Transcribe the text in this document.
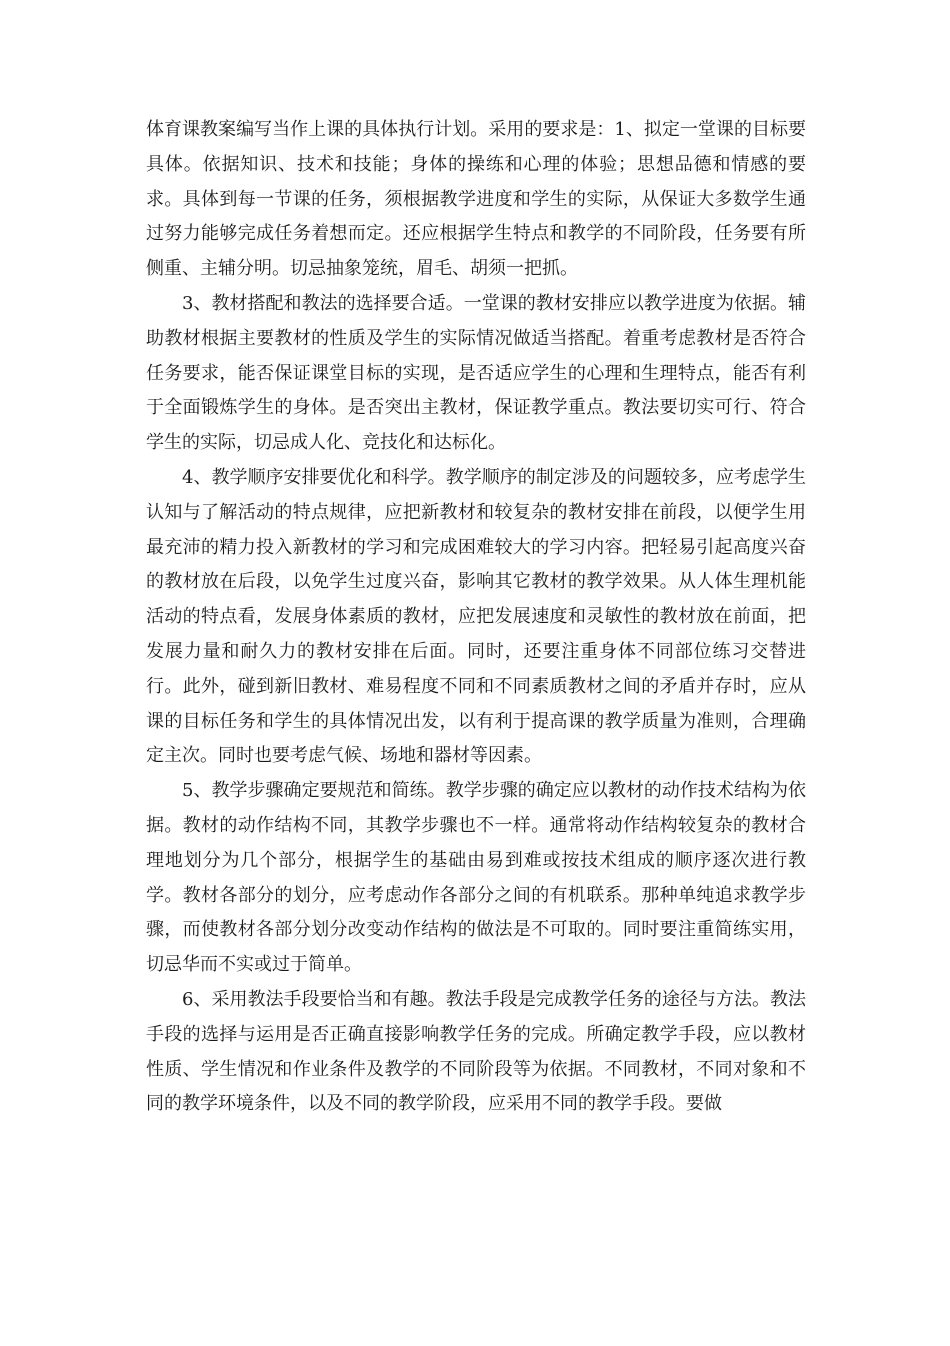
体育课教案编写当作上课的具体执行计划。采用的要求是：1、拟定一堂课的目标要具体。依据知识、技术和技能；身体的操练和心理的体验；思想品德和情感的要求。具体到每一节课的任务，须根据教学进度和学生的实际，从保证大多数学生通过努力能够完成任务着想而定。还应根据学生特点和教学的不同阶段，任务要有所侧重、主辅分明。切忌抽象笼统，眉毛、胡须一把抓。

3、教材搭配和教法的选择要合适。一堂课的教材安排应以教学进度为依据。辅助教材根据主要教材的性质及学生的实际情况做适当搭配。着重考虑教材是否符合任务要求，能否保证课堂目标的实现，是否适应学生的心理和生理特点，能否有利于全面锻炼学生的身体。是否突出主教材，保证教学重点。教法要切实可行、符合学生的实际，切忌成人化、竞技化和达标化。

4、教学顺序安排要优化和科学。教学顺序的制定涉及的问题较多，应考虑学生认知与了解活动的特点规律，应把新教材和较复杂的教材安排在前段，以便学生用最充沛的精力投入新教材的学习和完成困难较大的学习内容。把轻易引起高度兴奋的教材放在后段，以免学生过度兴奋，影响其它教材的教学效果。从人体生理机能活动的特点看，发展身体素质的教材，应把发展速度和灵敏性的教材放在前面，把发展力量和耐久力的教材安排在后面。同时，还要注重身体不同部位练习交替进行。此外，碰到新旧教材、难易程度不同和不同素质教材之间的矛盾并存时，应从课的目标任务和学生的具体情况出发，以有利于提高课的教学质量为准则，合理确定主次。同时也要考虑气候、场地和器材等因素。

5、教学步骤确定要规范和简练。教学步骤的确定应以教材的动作技术结构为依据。教材的动作结构不同，其教学步骤也不一样。通常将动作结构较复杂的教材合理地划分为几个部分，根据学生的基础由易到难或按技术组成的顺序逐次进行教学。教材各部分的划分，应考虑动作各部分之间的有机联系。那种单纯追求教学步骤，而使教材各部分划分改变动作结构的做法是不可取的。同时要注重简练实用，切忌华而不实或过于简单。

6、采用教法手段要恰当和有趣。教法手段是完成教学任务的途径与方法。教法手段的选择与运用是否正确直接影响教学任务的完成。所确定教学手段，应以教材性质、学生情况和作业条件及教学的不同阶段等为依据。不同教材，不同对象和不同的教学环境条件，以及不同的教学阶段，应采用不同的教学手段。要做
